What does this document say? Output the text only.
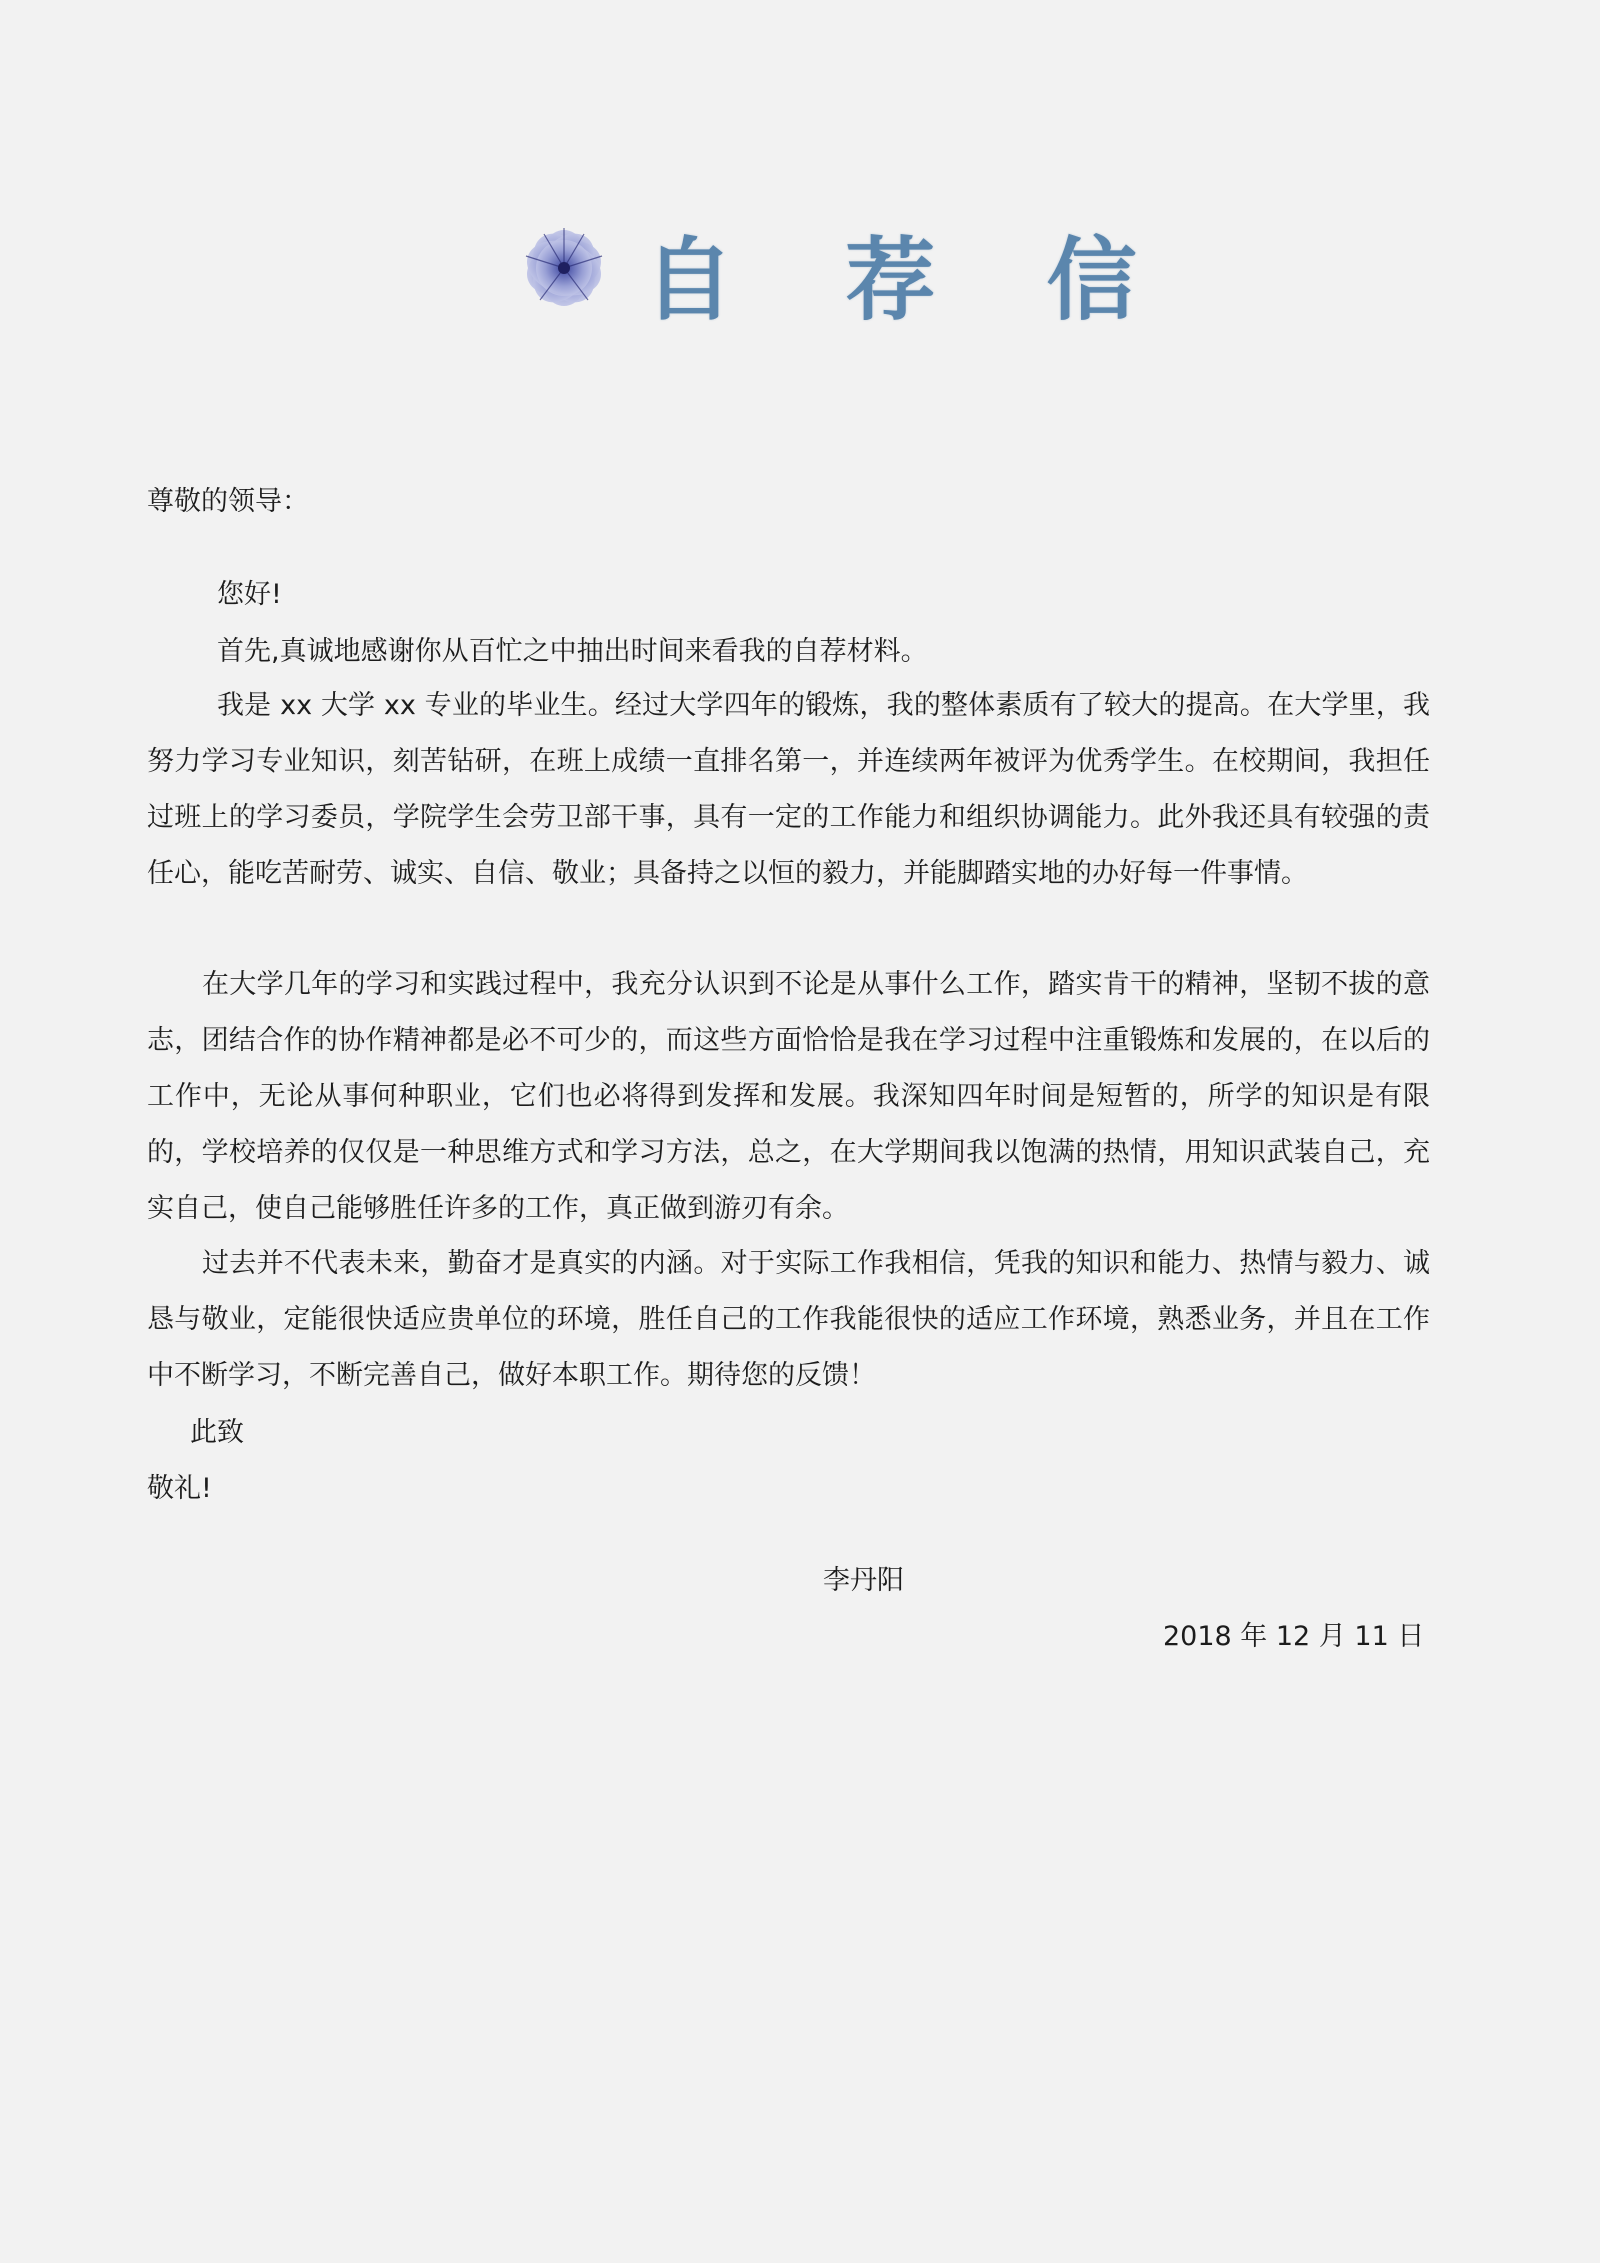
自 荐 信
尊敬的领导：
您好!
首先,真诚地感谢你从百忙之中抽出时间来看我的自荐材料。

我是 xx 大学 xx 专业的毕业生。经过大学四年的锻炼，我的整体素质有了较大的提高。在大学里，我努力学习专业知识，刻苦钻研，在班上成绩一直排名第一，并连续两年被评为优秀学生。在校期间，我担任过班上的学习委员，学院学生会劳卫部干事，具有一定的工作能力和组织协调能力。此外我还具有较强的责任心，能吃苦耐劳、诚实、自信、敬业；具备持之以恒的毅力，并能脚踏实地的办好每一件事情。

在大学几年的学习和实践过程中，我充分认识到不论是从事什么工作，踏实肯干的精神，坚韧不拔的意志，团结合作的协作精神都是必不可少的，而这些方面恰恰是我在学习过程中注重锻炼和发展的，在以后的工作中，无论从事何种职业，它们也必将得到发挥和发展。我深知四年时间是短暂的，所学的知识是有限的，学校培养的仅仅是一种思维方式和学习方法，总之，在大学期间我以饱满的热情，用知识武装自己，充实自己，使自己能够胜任许多的工作，真正做到游刃有余。

过去并不代表未来，勤奋才是真实的内涵。对于实际工作我相信，凭我的知识和能力、热情与毅力、诚恳与敬业，定能很快适应贵单位的环境，胜任自己的工作我能很快的适应工作环境，熟悉业务，并且在工作中不断学习，不断完善自己，做好本职工作。期待您的反馈！

此致
敬礼!
李丹阳
2018 年 12 月 11 日
